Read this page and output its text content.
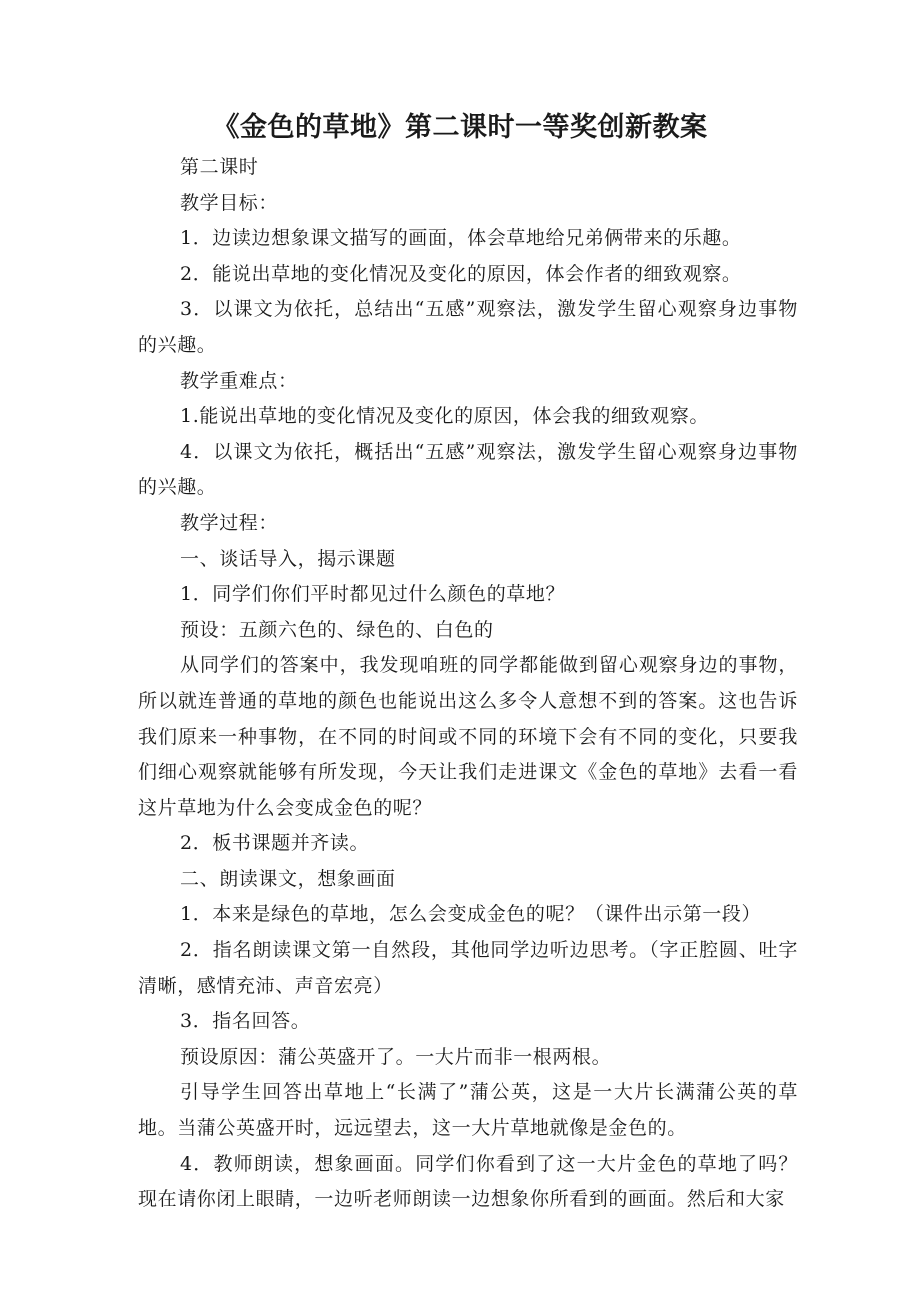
《金色的草地》第二课时一等奖创新教案

第二课时

教学目标：

1．边读边想象课文描写的画面，体会草地给兄弟俩带来的乐趣。

2．能说出草地的变化情况及变化的原因，体会作者的细致观察。

3．以课文为依托，总结出“五感”观察法，激发学生留心观察身边事物的兴趣。

教学重难点：

1.能说出草地的变化情况及变化的原因，体会我的细致观察。

4．以课文为依托，概括出“五感”观察法，激发学生留心观察身边事物的兴趣。

教学过程：

一、谈话导入，揭示课题

1．同学们你们平时都见过什么颜色的草地？

预设：五颜六色的、绿色的、白色的

从同学们的答案中，我发现咱班的同学都能做到留心观察身边的事物，所以就连普通的草地的颜色也能说出这么多令人意想不到的答案。这也告诉我们原来一种事物，在不同的时间或不同的环境下会有不同的变化，只要我们细心观察就能够有所发现，今天让我们走进课文《金色的草地》去看一看这片草地为什么会变成金色的呢？

2．板书课题并齐读。

二、朗读课文，想象画面

1．本来是绿色的草地，怎么会变成金色的呢？（课件出示第一段）

2．指名朗读课文第一自然段，其他同学边听边思考。（字正腔圆、吐字清晰，感情充沛、声音宏亮）

3．指名回答。

预设原因：蒲公英盛开了。一大片而非一根两根。

引导学生回答出草地上“长满了”蒲公英，这是一大片长满蒲公英的草地。当蒲公英盛开时，远远望去，这一大片草地就像是金色的。

4．教师朗读，想象画面。同学们你看到了这一大片金色的草地了吗？现在请你闭上眼睛，一边听老师朗读一边想象你所看到的画面。然后和大家
